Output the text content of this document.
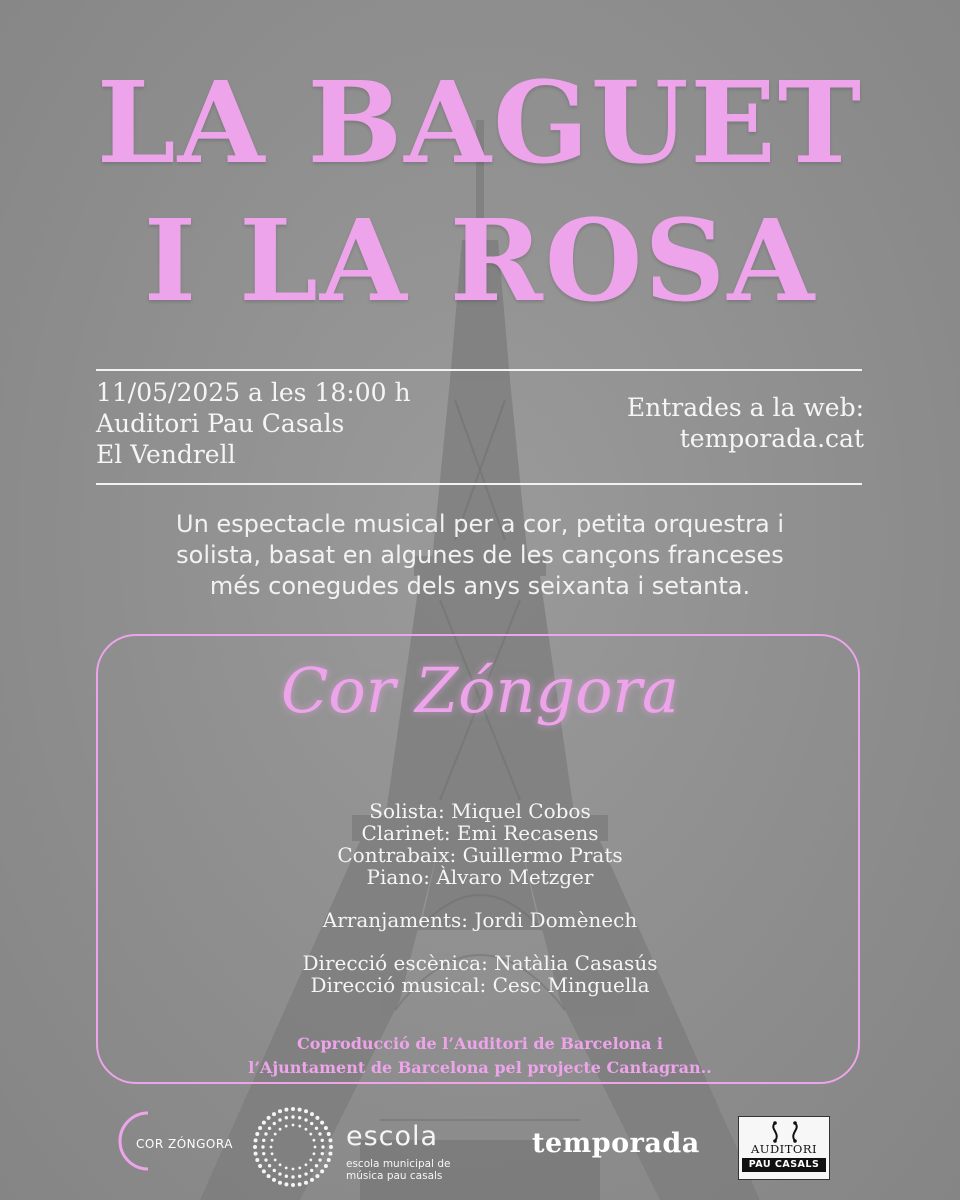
LA BAGUET
I LA ROSA
11/05/2025 a les 18:00 h
Auditori Pau Casals
El Vendrell
Entrades a la web:
temporada.cat
Un espectacle musical per a cor, petita orquestra i
solista, basat en algunes de les cançons franceses
més conegudes dels anys seixanta i setanta.
Cor Zóngora
Solista: Miquel Cobos
Clarinet: Emi Recasens
Contrabaix: Guillermo Prats
Piano: Àlvaro Metzger
Arranjaments: Jordi Domènech
Direcció escènica: Natàlia Casasús
Direcció musical: Cesc Minguella
Coproducció de l’Auditori de Barcelona i
l’Ajuntament de Barcelona pel projecte Cantagran..
COR ZÓNGORA	escola
escola municipal de
música pau casals
temporada	AUDITORI
PAU CASALS
